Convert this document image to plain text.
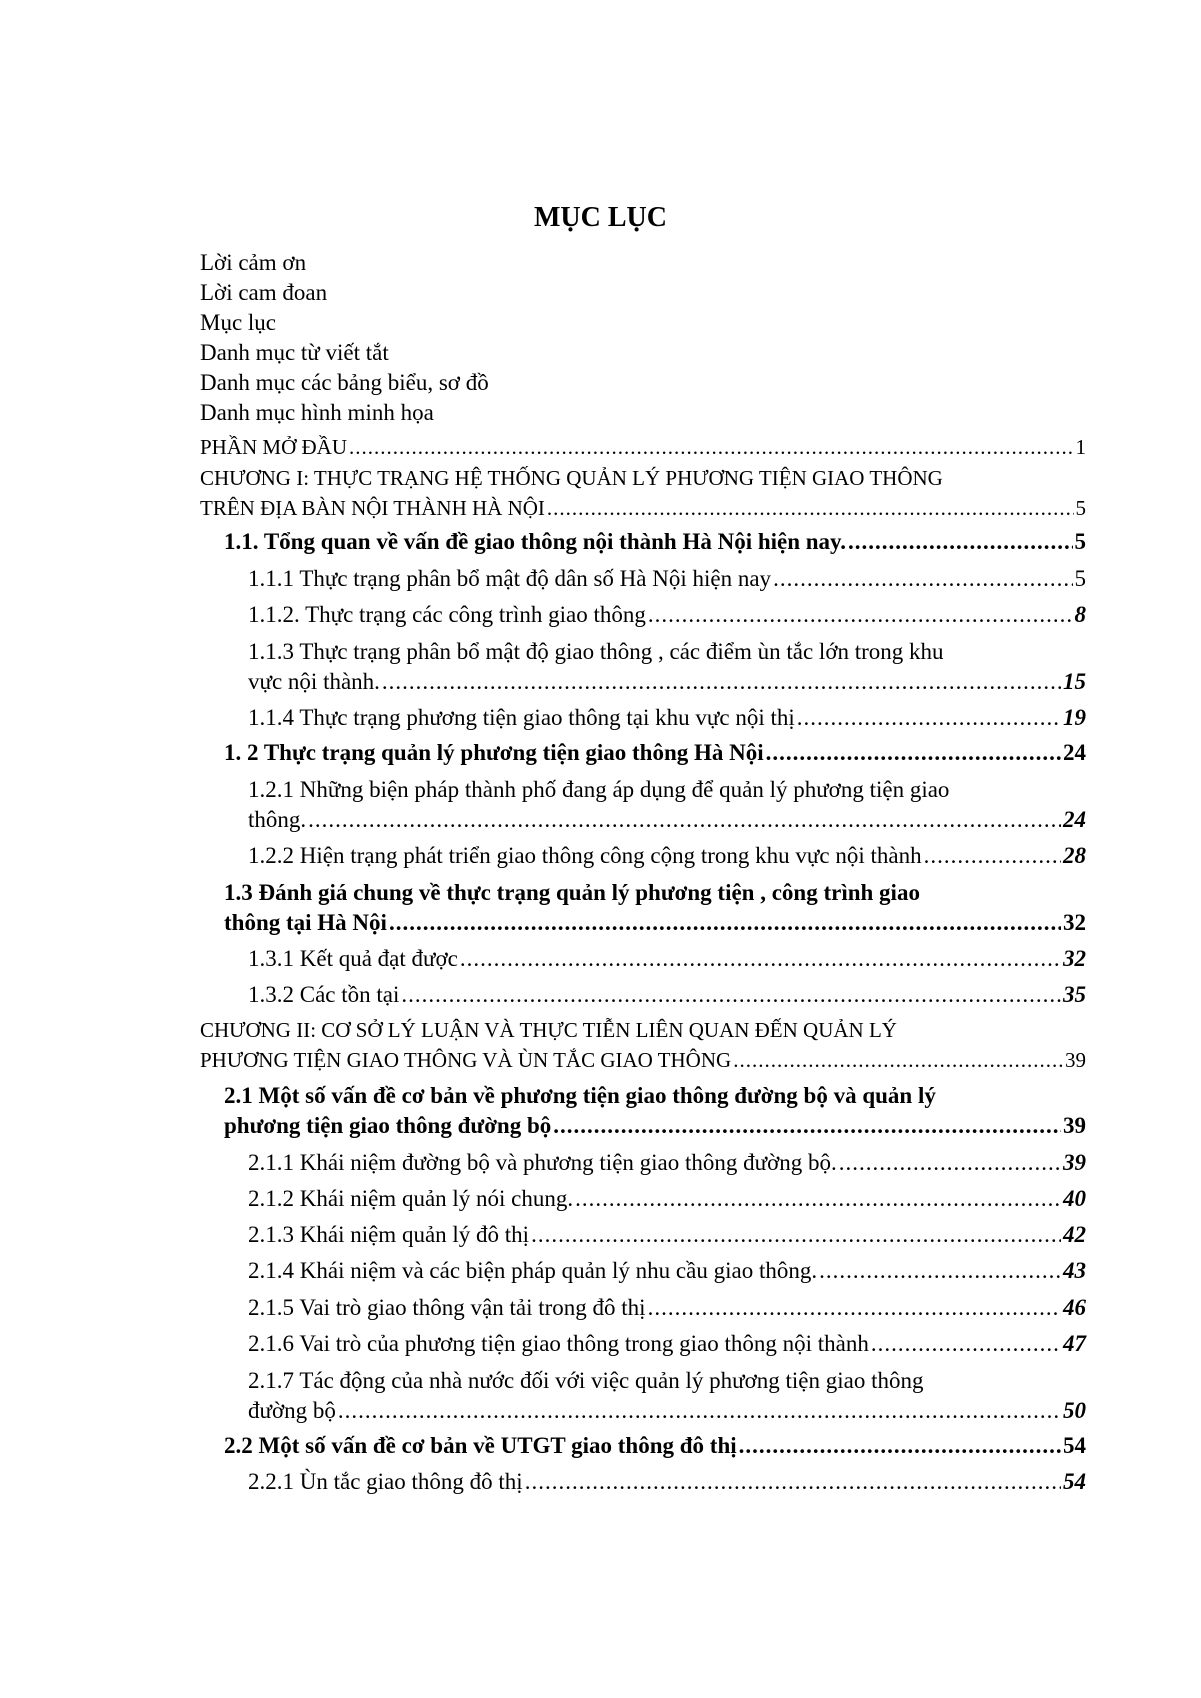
MỤC LỤC
Lời cảm ơn
Lời cam đoan
Mục lục
Danh mục từ viết tắt
Danh mục các bảng biểu, sơ đồ
Danh mục hình minh họa
PHẦN MỞ ĐẦU .....	1
CHƯƠNG I: THỰC TRẠNG HỆ THỐNG QUẢN LÝ PHƯƠNG TIỆN GIAO THÔNG
TRÊN ĐỊA BÀN NỘI THÀNH HÀ NỘI .....	5
1.1. Tổng quan về vấn đề giao thông nội thành Hà Nội hiện nay. .....	5
1.1.1 Thực trạng phân bổ mật độ dân số Hà Nội hiện nay .....	5
1.1.2. Thực trạng các công trình giao thông .....	8
1.1.3 Thực trạng phân bổ mật độ giao thông , các điểm ùn tắc lớn trong khu
vực nội thành. .....	15
1.1.4 Thực trạng phương tiện giao thông tại khu vực nội thị .....	19
1. 2 Thực trạng quản lý phương tiện giao thông Hà Nội .....	24
1.2.1 Những biện pháp thành phố đang áp dụng để quản lý phương tiện giao
thông. .....	24
1.2.2 Hiện trạng phát triển giao thông công cộng trong khu vực nội thành .....	28
1.3 Đánh giá chung về thực trạng quản lý phương tiện , công trình giao
thông tại Hà Nội .....	32
1.3.1 Kết quả đạt được .....	32
1.3.2 Các tồn tại .....	35
CHƯƠNG II: CƠ SỞ LÝ LUẬN VÀ THỰC TIỄN LIÊN QUAN ĐẾN QUẢN LÝ
PHƯƠNG TIỆN GIAO THÔNG VÀ ÙN TẮC GIAO THÔNG .....	39
2.1 Một số vấn đề cơ bản về phương tiện giao thông đường bộ và quản lý
phương tiện giao thông đường bộ .....	39
2.1.1 Khái niệm đường bộ và phương tiện giao thông đường bộ. .....	39
2.1.2 Khái niệm quản lý nói chung. .....	40
2.1.3 Khái niệm quản lý đô thị .....	42
2.1.4 Khái niệm và các biện pháp quản lý nhu cầu giao thông. .....	43
2.1.5 Vai trò giao thông vận tải trong đô thị .....	46
2.1.6 Vai trò của phương tiện giao thông trong giao thông nội thành .....	47
2.1.7 Tác động của nhà nước đối với việc quản lý phương tiện giao thông
đường bộ .....	50
2.2 Một số vấn đề cơ bản về UTGT giao thông đô thị .....	54
2.2.1 Ùn tắc giao thông đô thị .....	54
